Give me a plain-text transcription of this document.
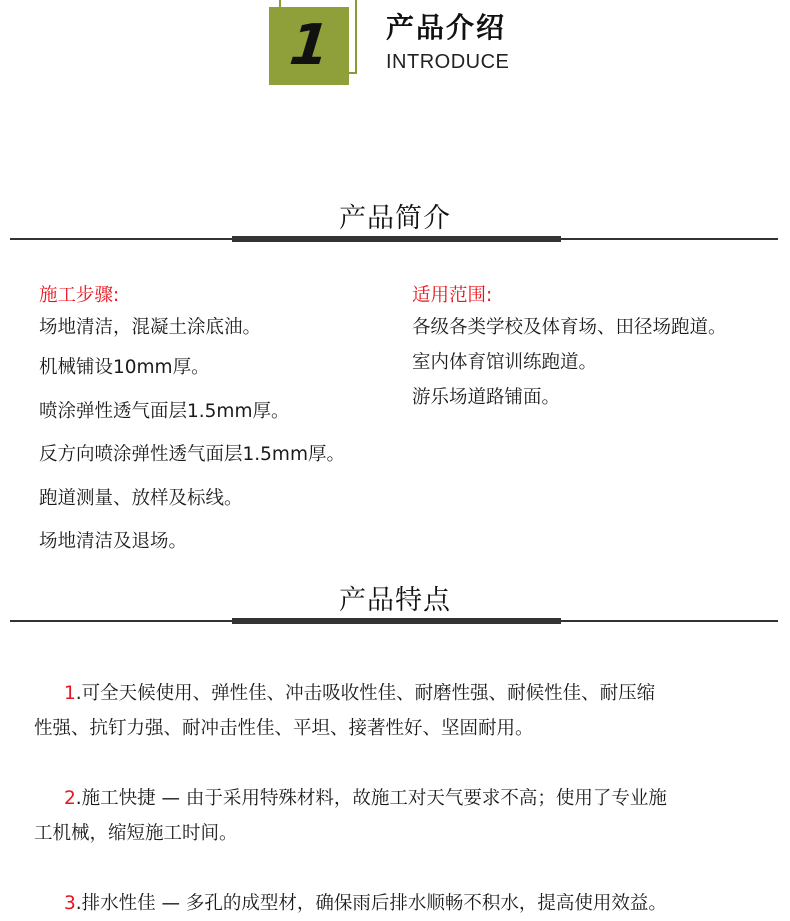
1 产品介绍
INTRODUCE
产品简介
施工步骤:
场地清洁，混凝土涂底油。
机械铺设10mm厚。
喷涂弹性透气面层1.5mm厚。
反方向喷涂弹性透气面层1.5mm厚。
跑道测量、放样及标线。
场地清洁及退场。
适用范围:
各级各类学校及体育场、田径场跑道。
室内体育馆训练跑道。
游乐场道路铺面。
产品特点
1.可全天候使用、弹性佳、冲击吸收性佳、耐磨性强、耐候性佳、耐压缩
性强、抗钉力强、耐冲击性佳、平坦、接著性好、坚固耐用。
2.施工快捷 — 由于采用特殊材料，故施工对天气要求不高；使用了专业施
工机械，缩短施工时间。
3.排水性佳 — 多孔的成型材，确保雨后排水顺畅不积水，提高使用效益。
